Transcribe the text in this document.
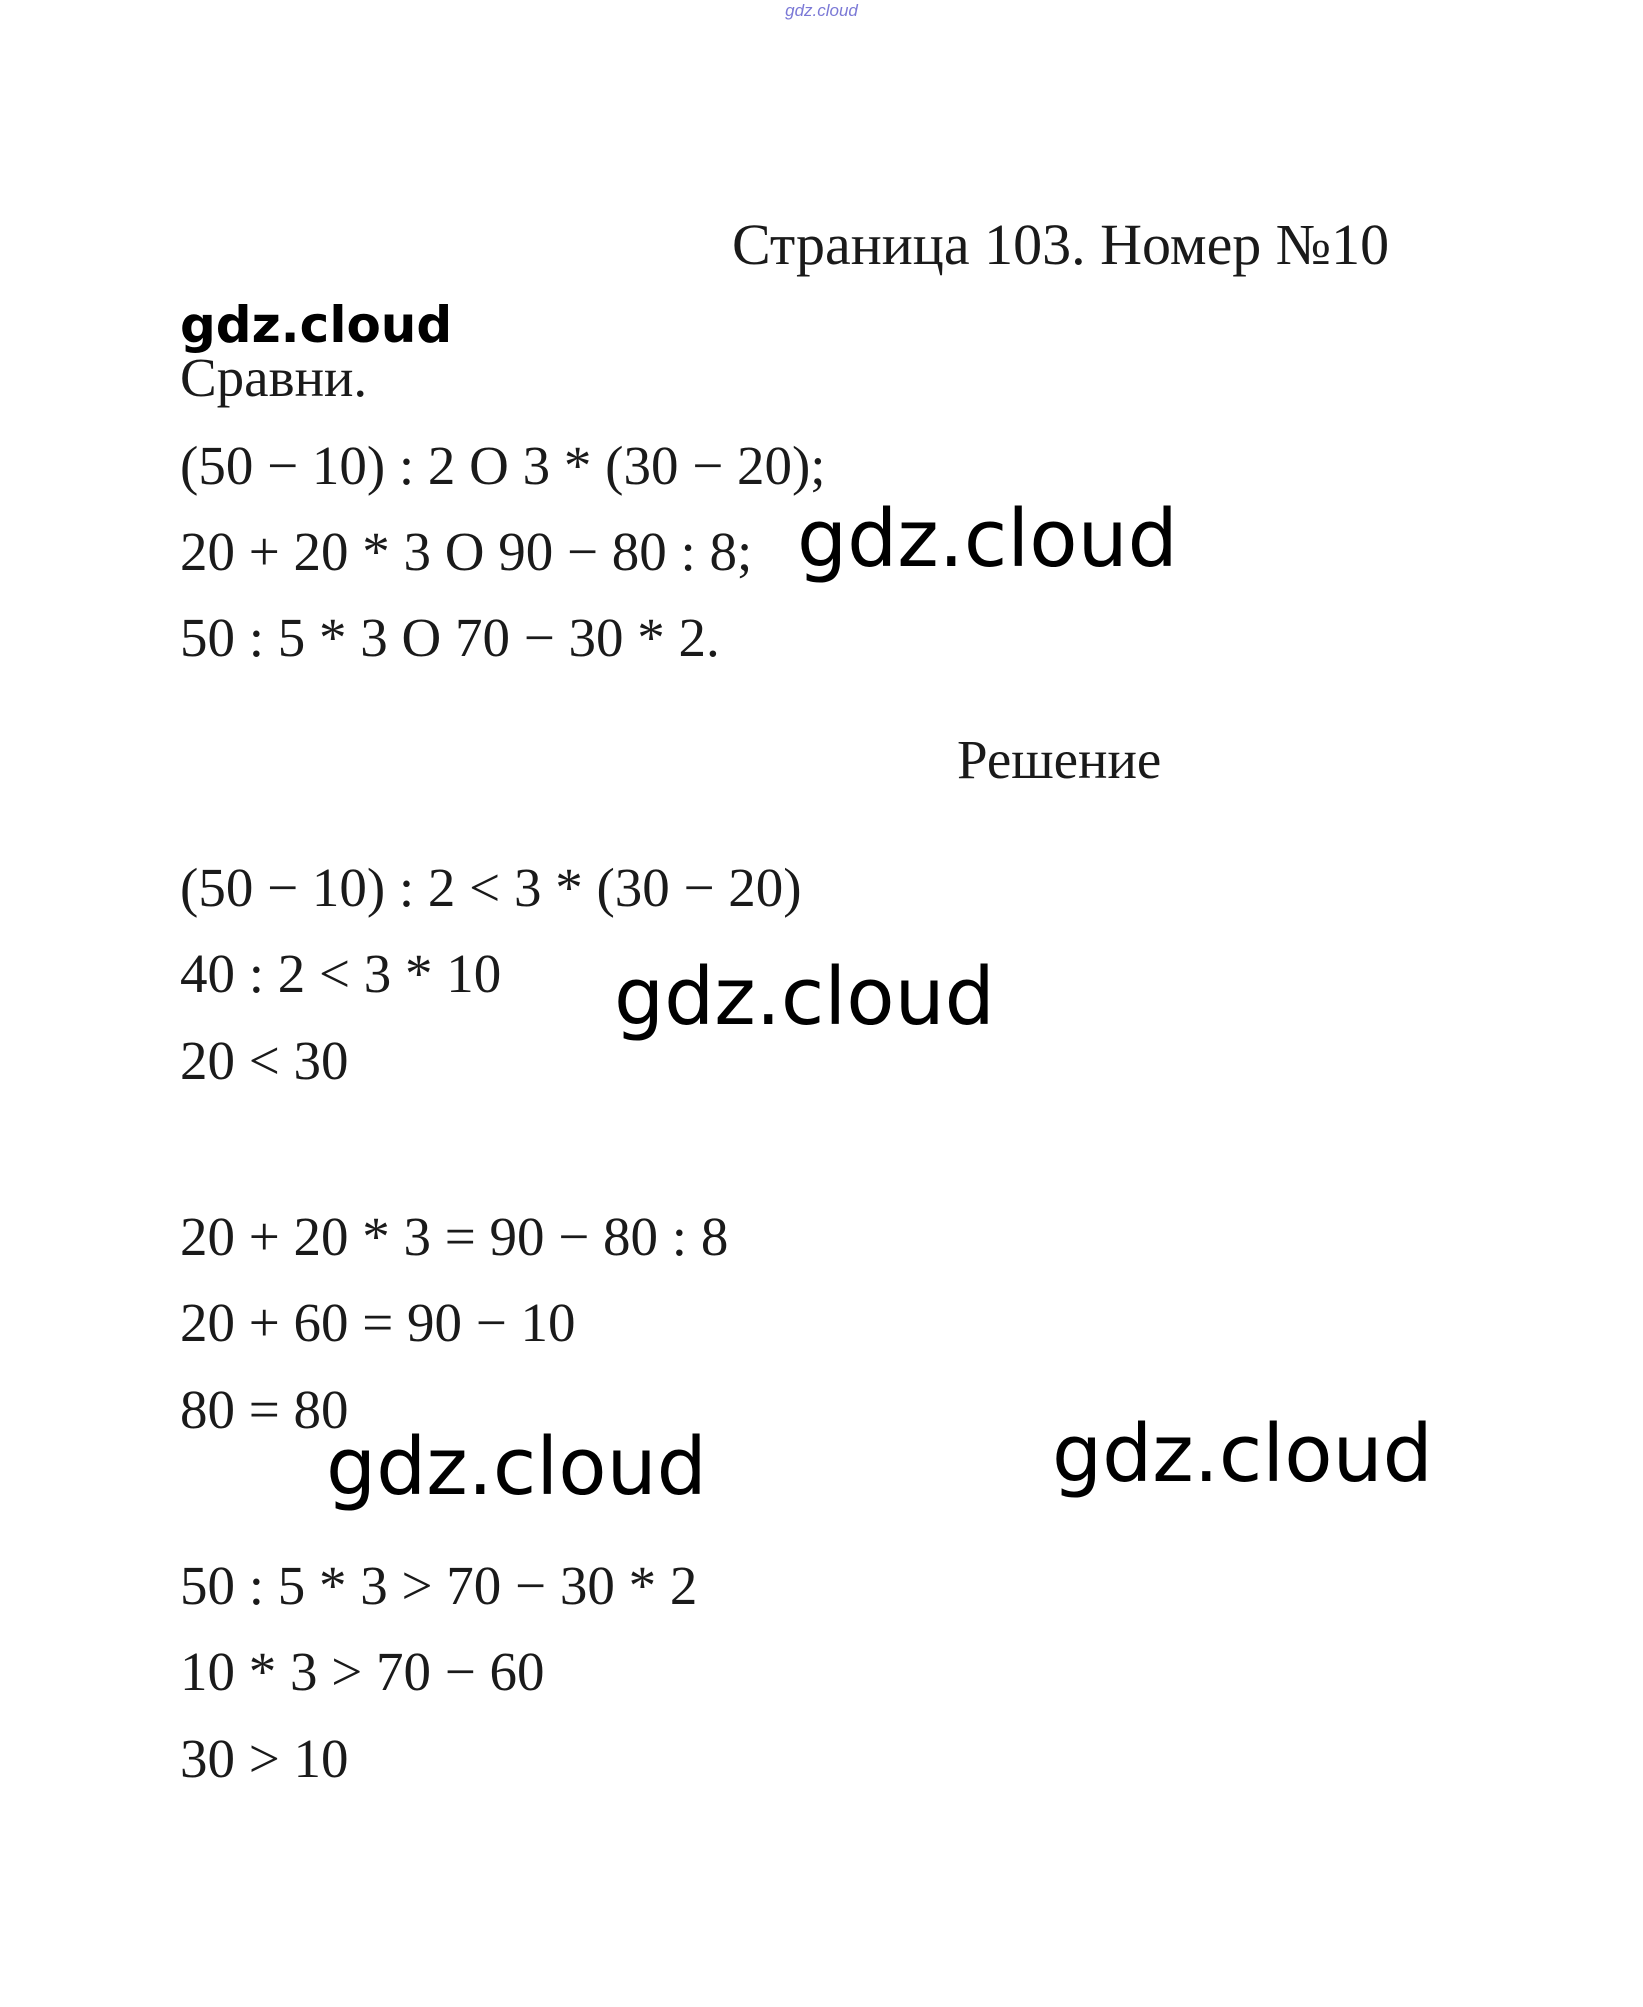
gdz.cloud
Страница 103. Номер №10
gdz.cloud
Сравни.
(50 − 10) : 2 O 3 * (30 − 20);
20 + 20 * 3 O 90 − 80 : 8;
50 : 5 * 3 O 70 − 30 * 2.
gdz.cloud
Решение
(50 − 10) : 2 < 3 * (30 − 20)
40 : 2 < 3 * 10
20 < 30
gdz.cloud
20 + 20 * 3 = 90 − 80 : 8
20 + 60 = 90 − 10
80 = 80
gdz.cloud	gdz.cloud
50 : 5 * 3 > 70 − 30 * 2
10 * 3 > 70 − 60
30 > 10
